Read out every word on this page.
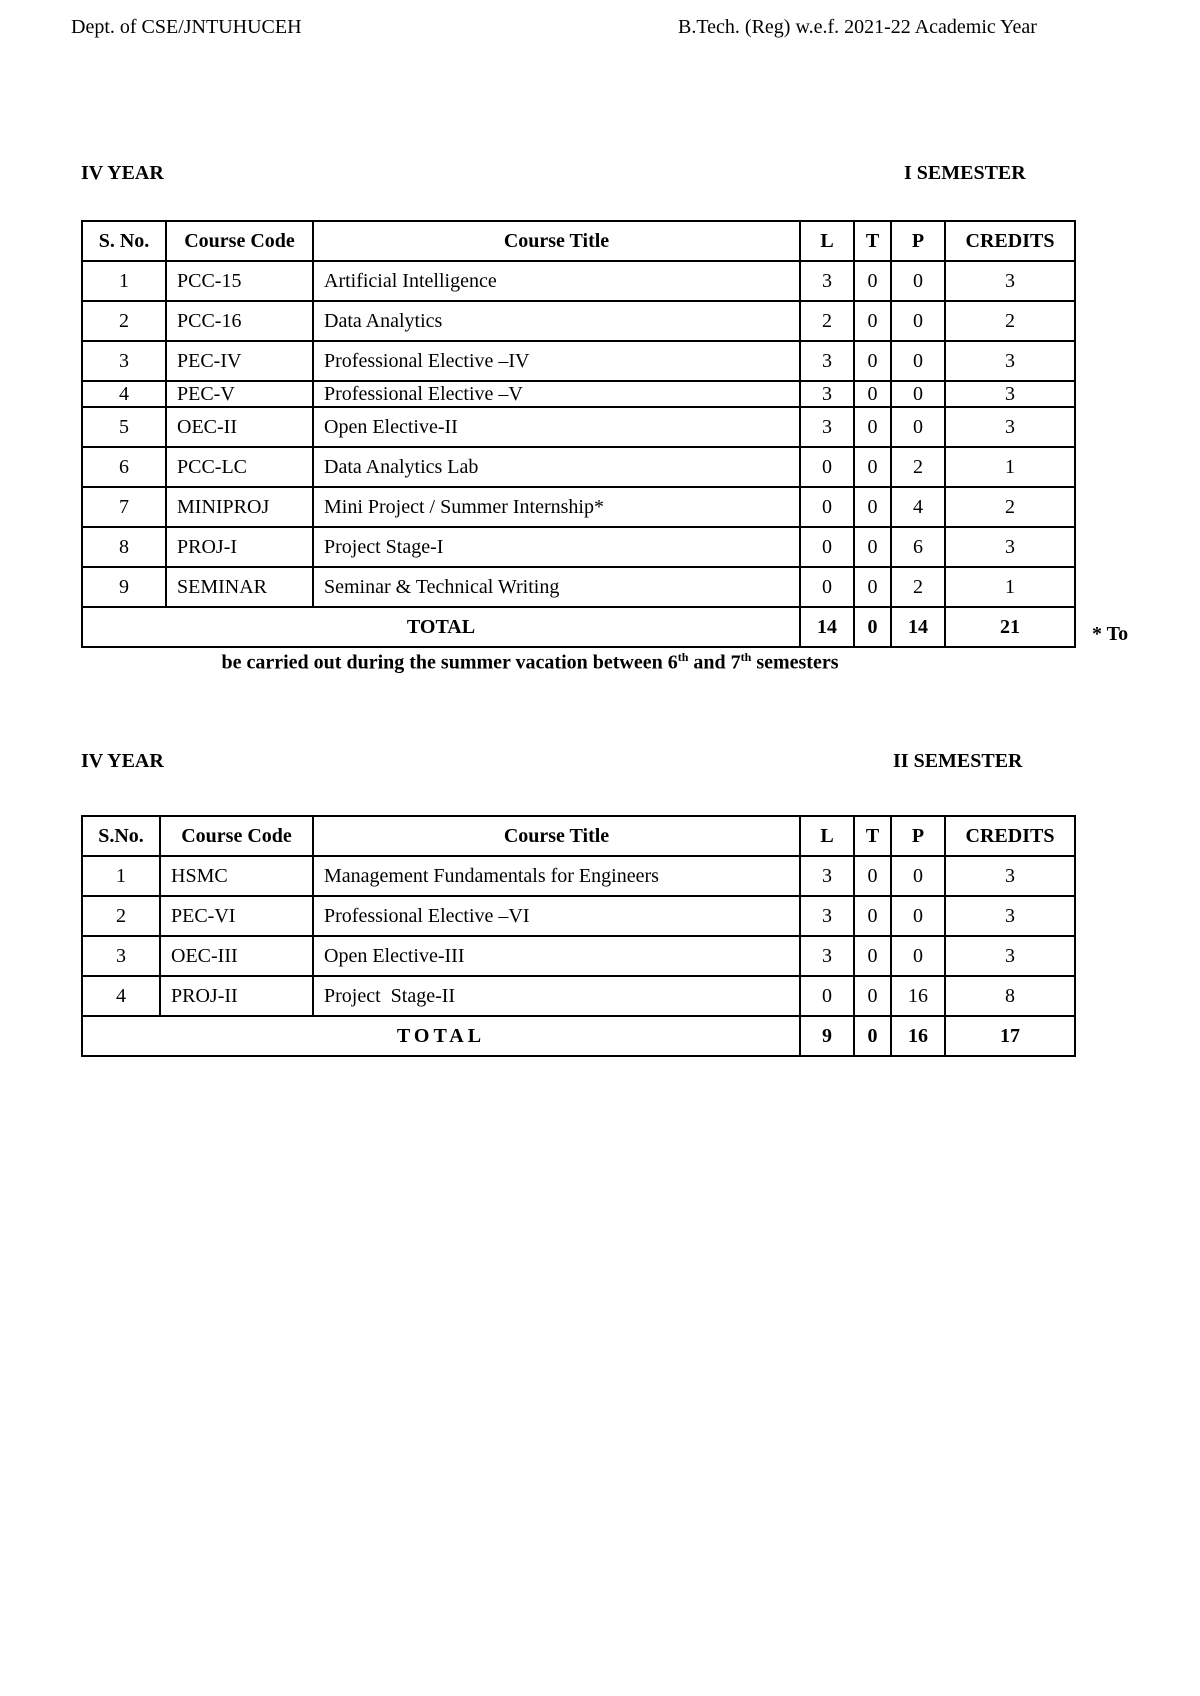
Dept. of CSE/JNTUHUCEH	B.Tech. (Reg) w.e.f. 2021-22 Academic Year
IV YEAR	I SEMESTER
S. No.	Course Code	Course Title	L	T	P	CREDITS
1	PCC-15	Artificial Intelligence	3	0	0	3
2	PCC-16	Data Analytics	2	0	0	2
3	PEC-IV	Professional Elective –IV	3	0	0	3
4	PEC-V	Professional Elective –V	3	0	0	3
5	OEC-II	Open Elective-II	3	0	0	3
6	PCC-LC	Data Analytics Lab	0	0	2	1
7	MINIPROJ	Mini Project / Summer Internship*	0	0	4	2
8	PROJ-I	Project Stage-I	0	0	6	3
9	SEMINAR	Seminar & Technical Writing	0	0	2	1
TOTAL			14	0	14	21	* To
be carried out during the summer vacation between 6th and 7th semesters
IV YEAR	II SEMESTER
S.No.	Course Code	Course Title	L	T	P	CREDITS
1	HSMC	Management Fundamentals for Engineers	3	0	0	3
2	PEC-VI	Professional Elective –VI	3	0	0	3
3	OEC-III	Open Elective-III	3	0	0	3
4	PROJ-II	Project  Stage-II	0	0	16	8
TOTAL			9	0	16	17
